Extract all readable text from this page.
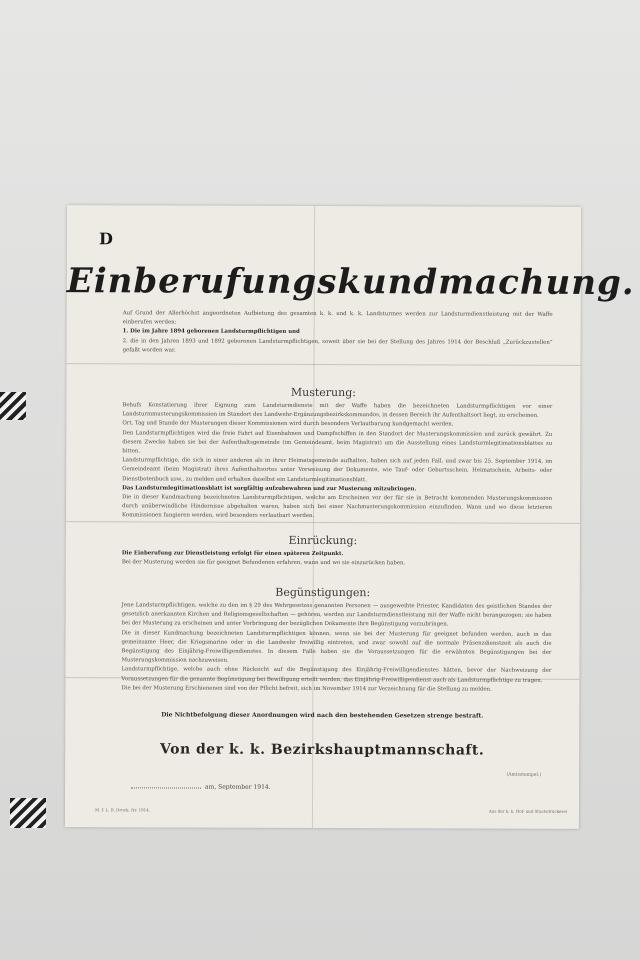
D
Einberufungskundmachung.

Auf Grund der Allerhöchst angeordneten Aufbietung des gesamten k. k. und k. k. Landsturmes werden zur Landsturmdienstleistung mit der Waffe einberufen werden:

1. Die im Jahre 1894 geborenen Landsturmpflichtigen und

2. die in den Jahren 1893 und 1892 geborenen Landsturmpflichtigen, soweit über sie bei der Stellung des Jahres 1914 der Beschluß „Zurückzustellen“ gefaßt worden war.

Musterung:

Behufs Konstatierung ihrer Eignung zum Landsturmdienste mit der Waffe haben die bezeichneten Landsturmpflichtigen vor einer Landsturmmusterungskommission im Standort des Landwehr-Ergänzungsbezirkskommandos, in dessen Bereich ihr Aufenthaltsort liegt, zu erscheinen.

Ort, Tag und Stunde der Musterungen dieser Kommissionen wird durch besondere Verlautbarung kundgemacht werden.

Den Landsturmpflichtigen wird die freie Fahrt auf Eisenbahnen und Dampfschiffen in den Standort der Musterungskommission und zurück gewährt. Zu diesem Zwecke haben sie bei der Aufenthaltsgemeinde (im Gemeindeamt, beim Magistrat) um die Ausstellung eines Landsturmlegitimationsblattes zu bitten.

Landsturmpflichtige, die sich in einer anderen als in ihrer Heimatsgemeinde aufhalten, haben sich auf jeden Fall, und zwar bis 25. September 1914, im Gemeindeamt (beim Magistrat) ihres Aufenthaltsortes unter Vorweisung der Dokumente, wie Tauf- oder Geburtsschein, Heimatschein, Arbeits- oder Dienstbotenbuch usw., zu melden und erhalten daselbst ein Landsturmlegitimationsblatt.

Das Landsturmlegitimationsblatt ist sorgfältig aufzubewahren und zur Musterung mitzubringen.

Die in dieser Kundmachung bezeichneten Landsturmpflichtigen, welche am Erscheinen vor der für sie in Betracht kommenden Musterungskommission durch unüberwindliche Hindernisse abgehalten waren, haben sich bei einer Nachmusterungskommission einzufinden. Wann und wo diese letzteren Kommissionen fungieren werden, wird besonders verlautbart werden.

Einrückung:

Die Einberufung zur Dienstleistung erfolgt für einen späteren Zeitpunkt.

Bei der Musterung werden sie für geeignet Befundenen erfahren, wann und wo sie einzurücken haben.

Begünstigungen:

Jene Landsturmpflichtigen, welche zu den im § 29 des Wehrgesetzes genannten Personen — ausgeweihte Priester, Kandidaten des geistlichen Standes der gesetzlich anerkannten Kirchen und Religionsgesellschaften — gehören, werden zur Landsturmdienstleistung mit der Waffe nicht herangezogen; sie haben bei der Musterung zu erscheinen und unter Vorbringung der bezüglichen Dokumente ihre Begünstigung vorzubringen.

Die in dieser Kundmachung bezeichneten Landsturmpflichtigen können, wenn sie bei der Musterung für geeignet befunden werden, auch in das gemeinsame Heer, die Kriegsmarine oder in die Landwehr freiwillig eintreten, und zwar sowohl auf die normale Präsenzdienstzeit als auch die Begünstigung des Einjährig-Freiwilligendienstes. In diesem Falle haben sie die Voraussetzungen für die erwähnten Begünstigungen bei der Musterungskommission nachzuweisen.

Landsturmpflichtige, welche auch ohne Rücksicht auf die Begünstigung des Einjährig-Freiwilligendienstes hätten, bevor der Nachweisung der Voraussetzungen für die genannte Begünstigung bei Bewilligung erteilt werden, das Einjährig-Freiwilligendienst auch als Landsturmpflichtige zu tragen.

Die bei der Musterung Erschienenen sind von der Pflicht befreit, sich im November 1914 zur Verzeichnung für die Stellung zu melden.

Die Nichtbefolgung dieser Anordnungen wird nach den bestehenden Gesetzen strenge bestraft.
Von der k. k. Bezirkshauptmannschaft.
(Amtsstempel.)
am, September 1914.
M. f. L. B. Druck. Nr. 1914.	Aus der k. k. Hof- und Staatsdruckerei
